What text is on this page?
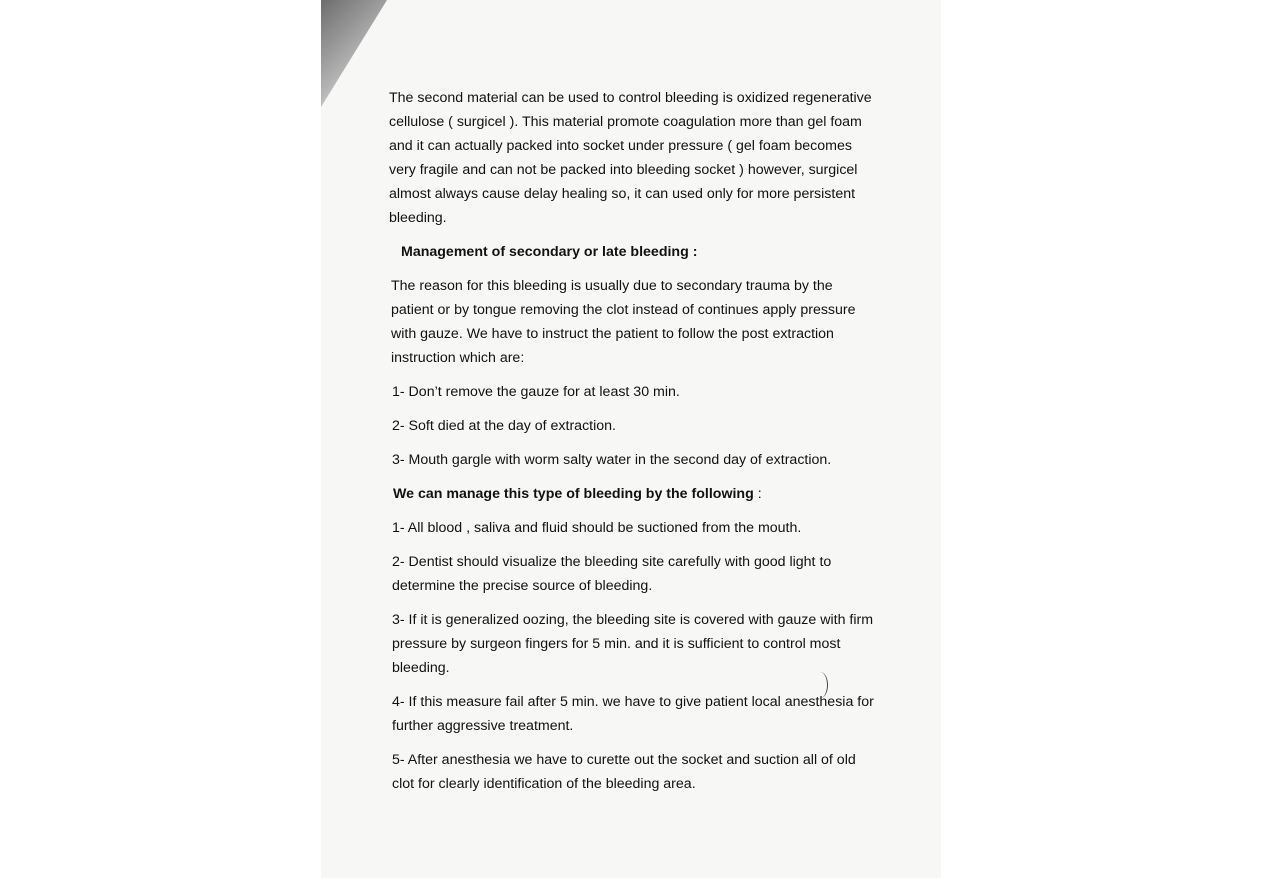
The second material can be used to control bleeding is oxidized regenerative cellulose ( surgicel ). This material promote coagulation more than gel foam and it can actually packed into socket under pressure ( gel foam becomes very fragile and can not be packed into bleeding socket ) however, surgicel almost always cause delay healing so, it can used only for more persistent bleeding.

Management of secondary or late bleeding :

The reason for this bleeding is usually due to secondary trauma by the patient or by tongue removing the clot instead of continues apply pressure with gauze. We have to instruct the patient to follow the post extraction instruction which are:

1- Don’t remove the gauze for at least 30 min.

2- Soft died at the day of extraction.

3- Mouth gargle with worm salty water in the second day of extraction.

We can manage this type of bleeding by the following :

1- All blood , saliva and fluid should be suctioned from the mouth.

2- Dentist should visualize the bleeding site carefully with good light to determine the precise source of bleeding.

3- If it is generalized oozing, the bleeding site is covered with gauze with firm pressure by surgeon fingers for 5 min. and it is sufficient to control most bleeding.

4- If this measure fail after 5 min. we have to give patient local anesthesia for further aggressive treatment.

5- After anesthesia we have to curette out the socket and suction all of old clot for clearly identification of the bleeding area.
